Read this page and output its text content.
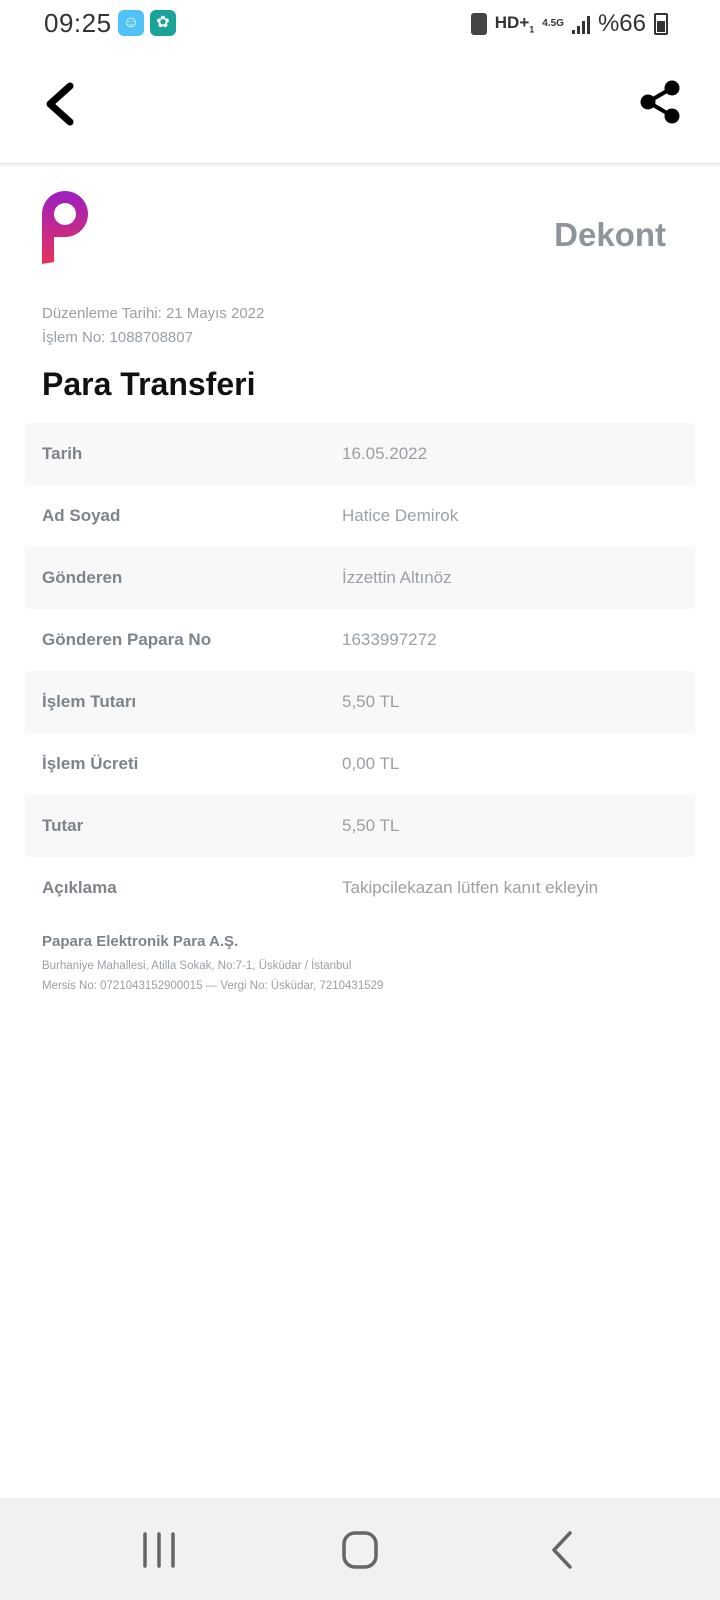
09:25 ☺	✿	$HD+_1$
4.5G %66
Dekont
Düzenleme Tarihi: 21 Mayıs 2022
İşlem No: 1088708807
Para Transferi
Tarih	16.05.2022
Ad Soyad	Hatice Demirok
Gönderen	İzzettin Altınöz
Gönderen Papara No	1633997272
İşlem Tutarı	5,50 TL
İşlem Ücreti	0,00 TL
Tutar	5,50 TL
Açıklama	Takipcilekazan lütfen kanıt ekleyin
Papara Elektronik Para A.Ş.
Burhaniye Mahallesi, Atilla Sokak, No:7-1, Üsküdar / İstanbul
Mersis No: 0721043152900015 — Vergi No: Üsküdar, 7210431529
